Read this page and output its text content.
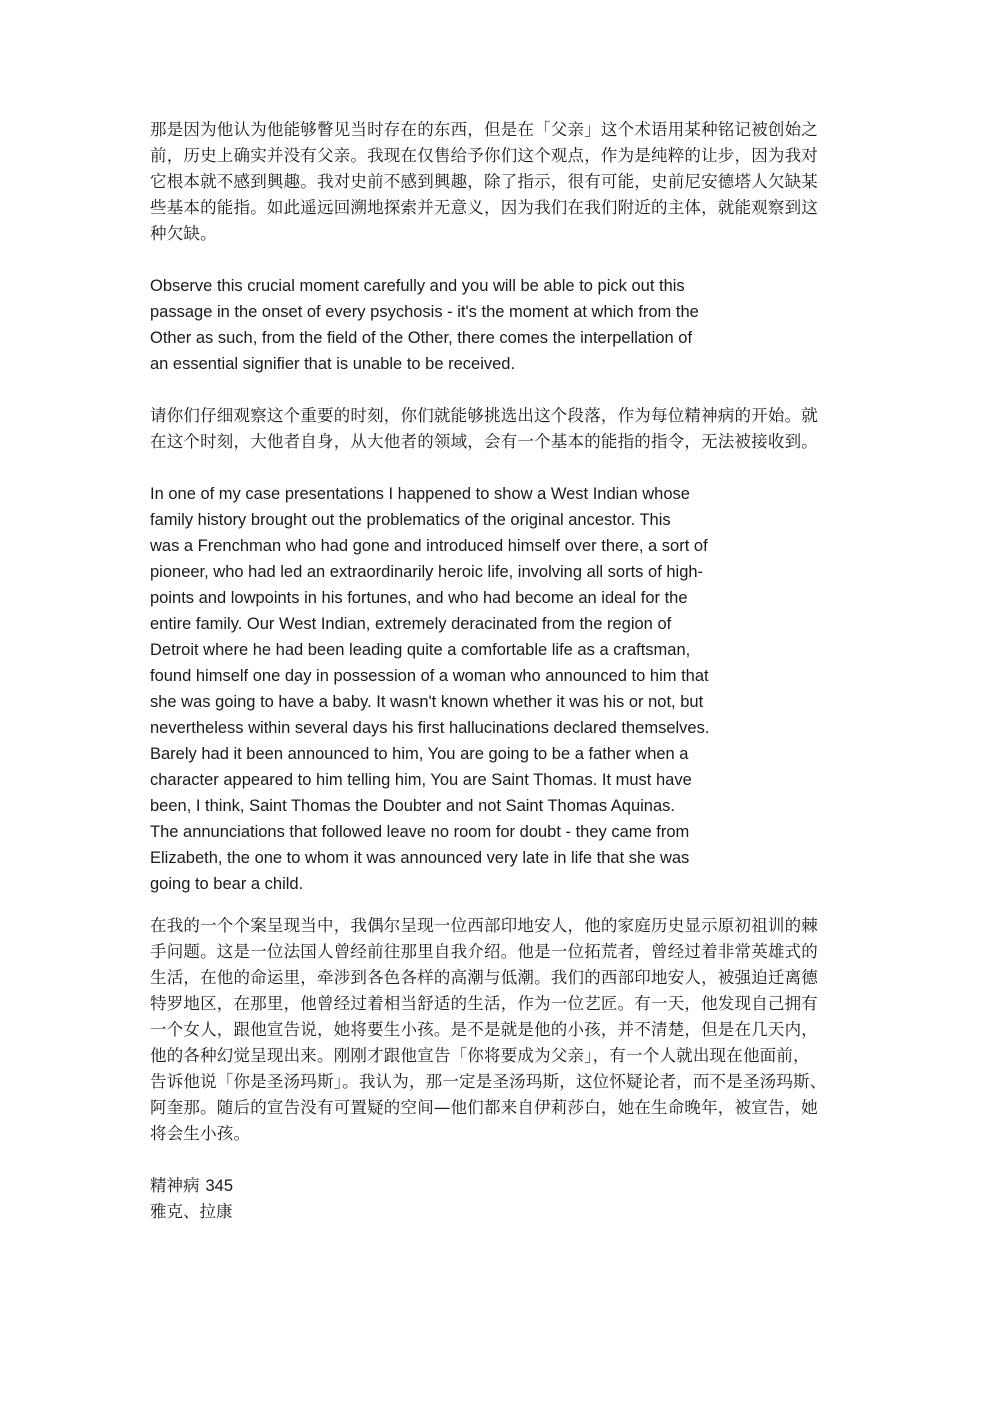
那是因为他认为他能够瞥见当时存在的东西，但是在「父亲」这个术语用某种铭记被创始之
前，历史上确实并没有父亲。我现在仅售给予你们这个观点，作为是纯粹的让步，因为我对
它根本就不感到興趣。我对史前不感到興趣，除了指示，很有可能，史前尼安德塔人欠缺某
些基本的能指。如此遥远回溯地探索并无意义，因为我们在我们附近的主体，就能观察到这
种欠缺。
Observe this crucial moment carefully and you will be able to pick out this
passage in the onset of every psychosis - it's the moment at which from the
Other as such, from the field of the Other, there comes the interpellation of
an essential signifier that is unable to be received.
请你们仔细观察这个重要的时刻，你们就能够挑选出这个段落，作为每位精神病的开始。就
在这个时刻，大他者自身，从大他者的领域，会有一个基本的能指的指令，无法被接收到。
In one of my case presentations I happened to show a West Indian whose
family history brought out the problematics of the original ancestor. This
was a Frenchman who had gone and introduced himself over there, a sort of
pioneer, who had led an extraordinarily heroic life, involving all sorts of high-
points and lowpoints in his fortunes, and who had become an ideal for the
entire family. Our West Indian, extremely deracinated from the region of
Detroit where he had been leading quite a comfortable life as a craftsman,
found himself one day in possession of a woman who announced to him that
she was going to have a baby. It wasn't known whether it was his or not, but
nevertheless within several days his first hallucinations declared themselves.
Barely had it been announced to him, You are going to be a father when a
character appeared to him telling him, You are Saint Thomas. It must have
been, I think, Saint Thomas the Doubter and not Saint Thomas Aquinas.
The annunciations that followed leave no room for doubt - they came from
Elizabeth, the one to whom it was announced very late in life that she was
going to bear a child.
在我的一个个案呈现当中，我偶尔呈现一位西部印地安人，他的家庭历史显示原初祖训的棘
手问题。这是一位法国人曾经前往那里自我介绍。他是一位拓荒者，曾经过着非常英雄式的
生活，在他的命运里，牵涉到各色各样的高潮与低潮。我们的西部印地安人，被强迫迁离德
特罗地区，在那里，他曾经过着相当舒适的生活，作为一位艺匠。有一天，他发现自己拥有
一个女人，跟他宣告说，她将要生小孩。是不是就是他的小孩，并不清楚，但是在几天内，
他的各种幻觉呈现出来。刚刚才跟他宣告「你将要成为父亲」，有一个人就出现在他面前，
告诉他说「你是圣汤玛斯」。我认为，那一定是圣汤玛斯，这位怀疑论者，而不是圣汤玛斯、
阿奎那。随后的宣告没有可置疑的空间—他们都来自伊莉莎白，她在生命晚年，被宣告，她
将会生小孩。
精神病 345
雅克、拉康
